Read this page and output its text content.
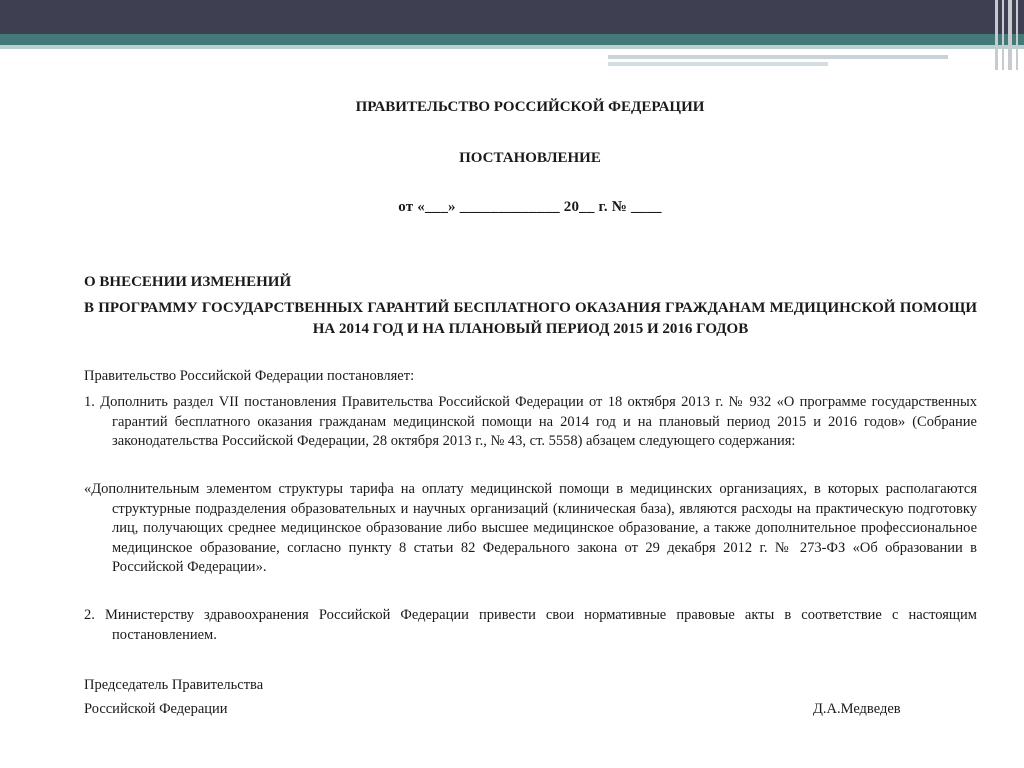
ПРАВИТЕЛЬСТВО РОССИЙСКОЙ ФЕДЕРАЦИИ
ПОСТАНОВЛЕНИЕ
от «___» _____________ 20__ г. № ____
О ВНЕСЕНИИ ИЗМЕНЕНИЙ
В ПРОГРАММУ ГОСУДАРСТВЕННЫХ ГАРАНТИЙ БЕСПЛАТНОГО ОКАЗАНИЯ ГРАЖДАНАМ МЕДИЦИНСКОЙ ПОМОЩИ НА 2014 ГОД И НА ПЛАНОВЫЙ ПЕРИОД 2015 И 2016 ГОДОВ
Правительство Российской Федерации постановляет:
1. Дополнить раздел VII постановления Правительства Российской Федерации от 18 октября 2013 г. № 932 «О программе государственных гарантий бесплатного оказания гражданам медицинской помощи на 2014 год и на плановый период 2015 и 2016 годов» (Собрание законодательства Российской Федерации, 28 октября 2013 г., № 43, ст. 5558) абзацем следующего содержания:
«Дополнительным элементом структуры тарифа на оплату медицинской помощи в медицинских организациях, в которых располагаются структурные подразделения образовательных и научных организаций (клиническая база), являются расходы на практическую подготовку лиц, получающих среднее медицинское образование либо высшее медицинское образование, а также дополнительное профессиональное медицинское образование, согласно пункту 8 статьи 82 Федерального закона от 29 декабря 2012 г. № 273-ФЗ «Об образовании в Российской Федерации».
2. Министерству здравоохранения Российской Федерации привести свои нормативные правовые акты в соответствие с настоящим постановлением.
Председатель Правительства
Российской Федерации	Д.А.Медведев
